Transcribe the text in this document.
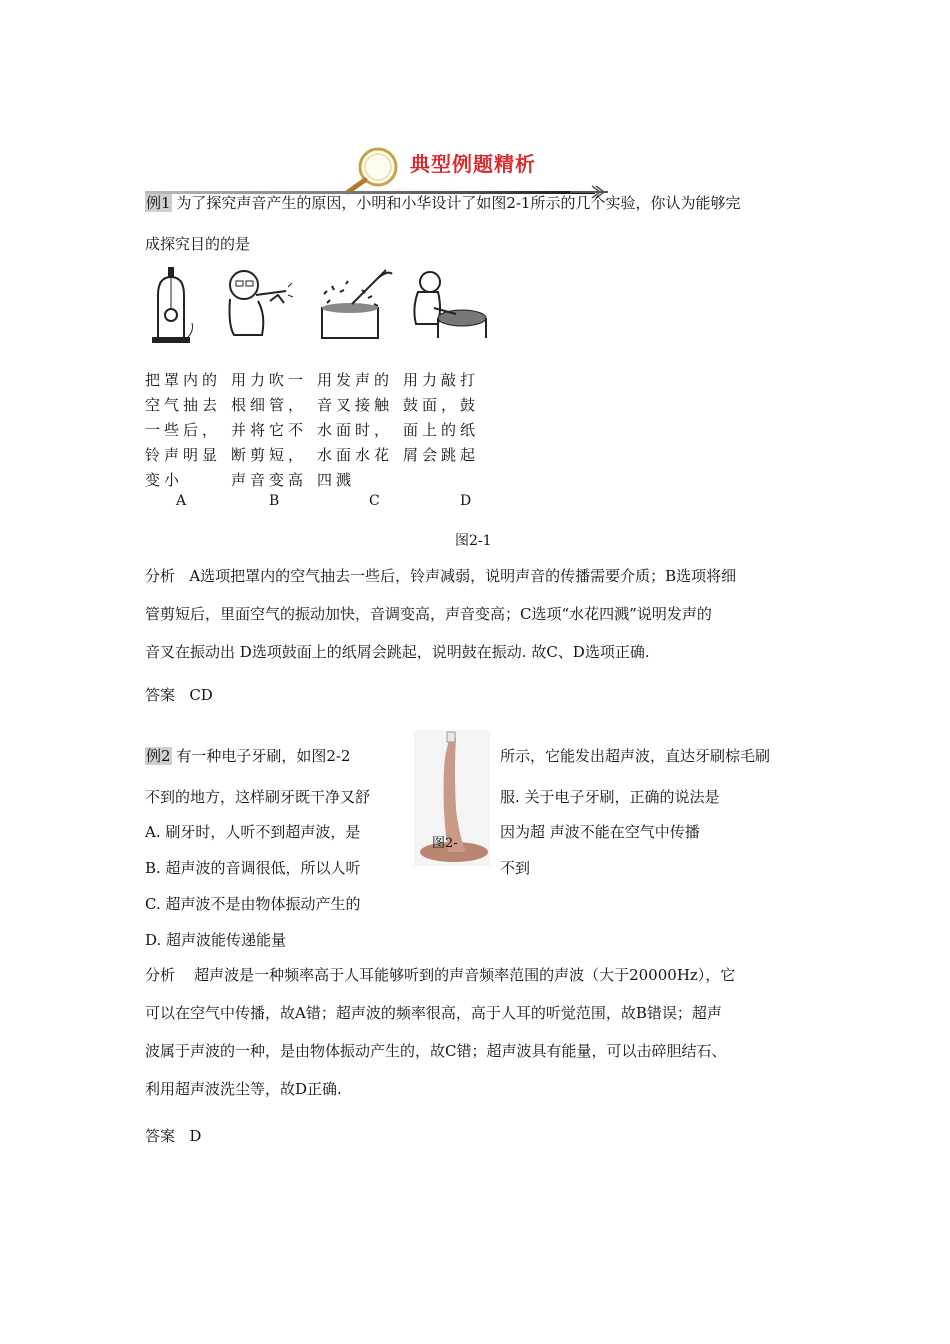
典型例题精析
例1 为了探究声音产生的原因，小明和小华设计了如图2-1所示的几个实验，你认为能够完
成探究目的的是
把罩内的空气抽去一些后，铃声明显变小
用力吹一根细管，并将它不断剪短，声音变高
用发声的音叉接触水面时，水面水花四溅
用力敲打鼓面，鼓面上的纸屑会跳起
A	B	C	D
图2-1
分析 A选项把罩内的空气抽去一些后，铃声减弱，说明声音的传播需要介质；B选项将细
管剪短后，里面空气的振动加快，音调变高，声音变高；C选项“水花四溅”说明发声的
音叉在振动出 D选项鼓面上的纸屑会跳起，说明鼓在振动. 故C、D选项正确.
答案 CD
例2 有一种电子牙刷，如图2-2	所示，它能发出超声波，直达牙刷棕毛刷
不到的地方，这样刷牙既干净又舒	服. 关于电子牙刷，正确的说法是
图2-
A. 刷牙时，人听不到超声波，是	因为超 声波不能在空气中传播
B. 超声波的音调很低，所以人听	不到
C. 超声波不是由物体振动产生的
D. 超声波能传递能量
分析 超声波是一种频率高于人耳能够听到的声音频率范围的声波（大于20000Hz），它
可以在空气中传播，故A错；超声波的频率很高，高于人耳的听觉范围，故B错误；超声
波属于声波的一种，是由物体振动产生的，故C错；超声波具有能量，可以击碎胆结石、
利用超声波洗尘等，故D正确.
答案 D
